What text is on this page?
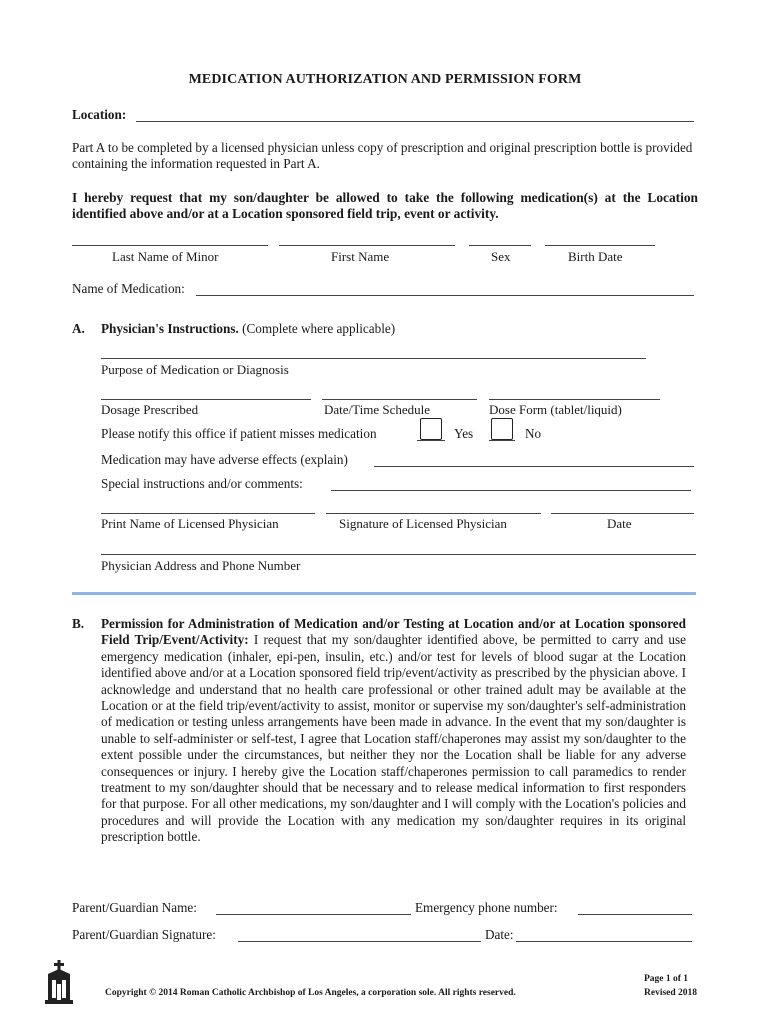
MEDICATION AUTHORIZATION AND PERMISSION FORM
Location:
Part A to be completed by a licensed physician unless copy of prescription and original prescription bottle is provided containing the information requested in Part A.
I hereby request that my son/daughter be allowed to take the following medication(s) at the Location identified above and/or at a Location sponsored field trip, event or activity.
Last Name of Minor	First Name	Sex	Birth Date
Name of Medication:
A. Physician's Instructions. (Complete where applicable)
Purpose of Medication or Diagnosis
Dosage Prescribed	Date/Time Schedule	Dose Form (tablet/liquid)
Please notify this office if patient misses medication	Yes	No
Medication may have adverse effects (explain)
Special instructions and/or comments:
Print Name of Licensed Physician	Signature of Licensed Physician	Date
Physician Address and Phone Number
B. Permission for Administration of Medication and/or Testing at Location and/or at Location sponsored Field Trip/Event/Activity: I request that my son/daughter identified above, be permitted to carry and use emergency medication (inhaler, epi-pen, insulin, etc.) and/or test for levels of blood sugar at the Location identified above and/or at a Location sponsored field trip/event/activity as prescribed by the physician above. I acknowledge and understand that no health care professional or other trained adult may be available at the Location or at the field trip/event/activity to assist, monitor or supervise my son/daughter's self-administration of medication or testing unless arrangements have been made in advance. In the event that my son/daughter is unable to self-administer or self-test, I agree that Location staff/chaperones may assist my son/daughter to the extent possible under the circumstances, but neither they nor the Location shall be liable for any adverse consequences or injury. I hereby give the Location staff/chaperones permission to call paramedics to render treatment to my son/daughter should that be necessary and to release medical information to first responders for that purpose. For all other medications, my son/daughter and I will comply with the Location's policies and procedures and will provide the Location with any medication my son/daughter requires in its original prescription bottle.
Parent/Guardian Name:	Emergency phone number:
Parent/Guardian Signature:	Date:
Copyright © 2014 Roman Catholic Archbishop of Los Angeles, a corporation sole. All rights reserved.
Page 1 of 1
Revised 2018
